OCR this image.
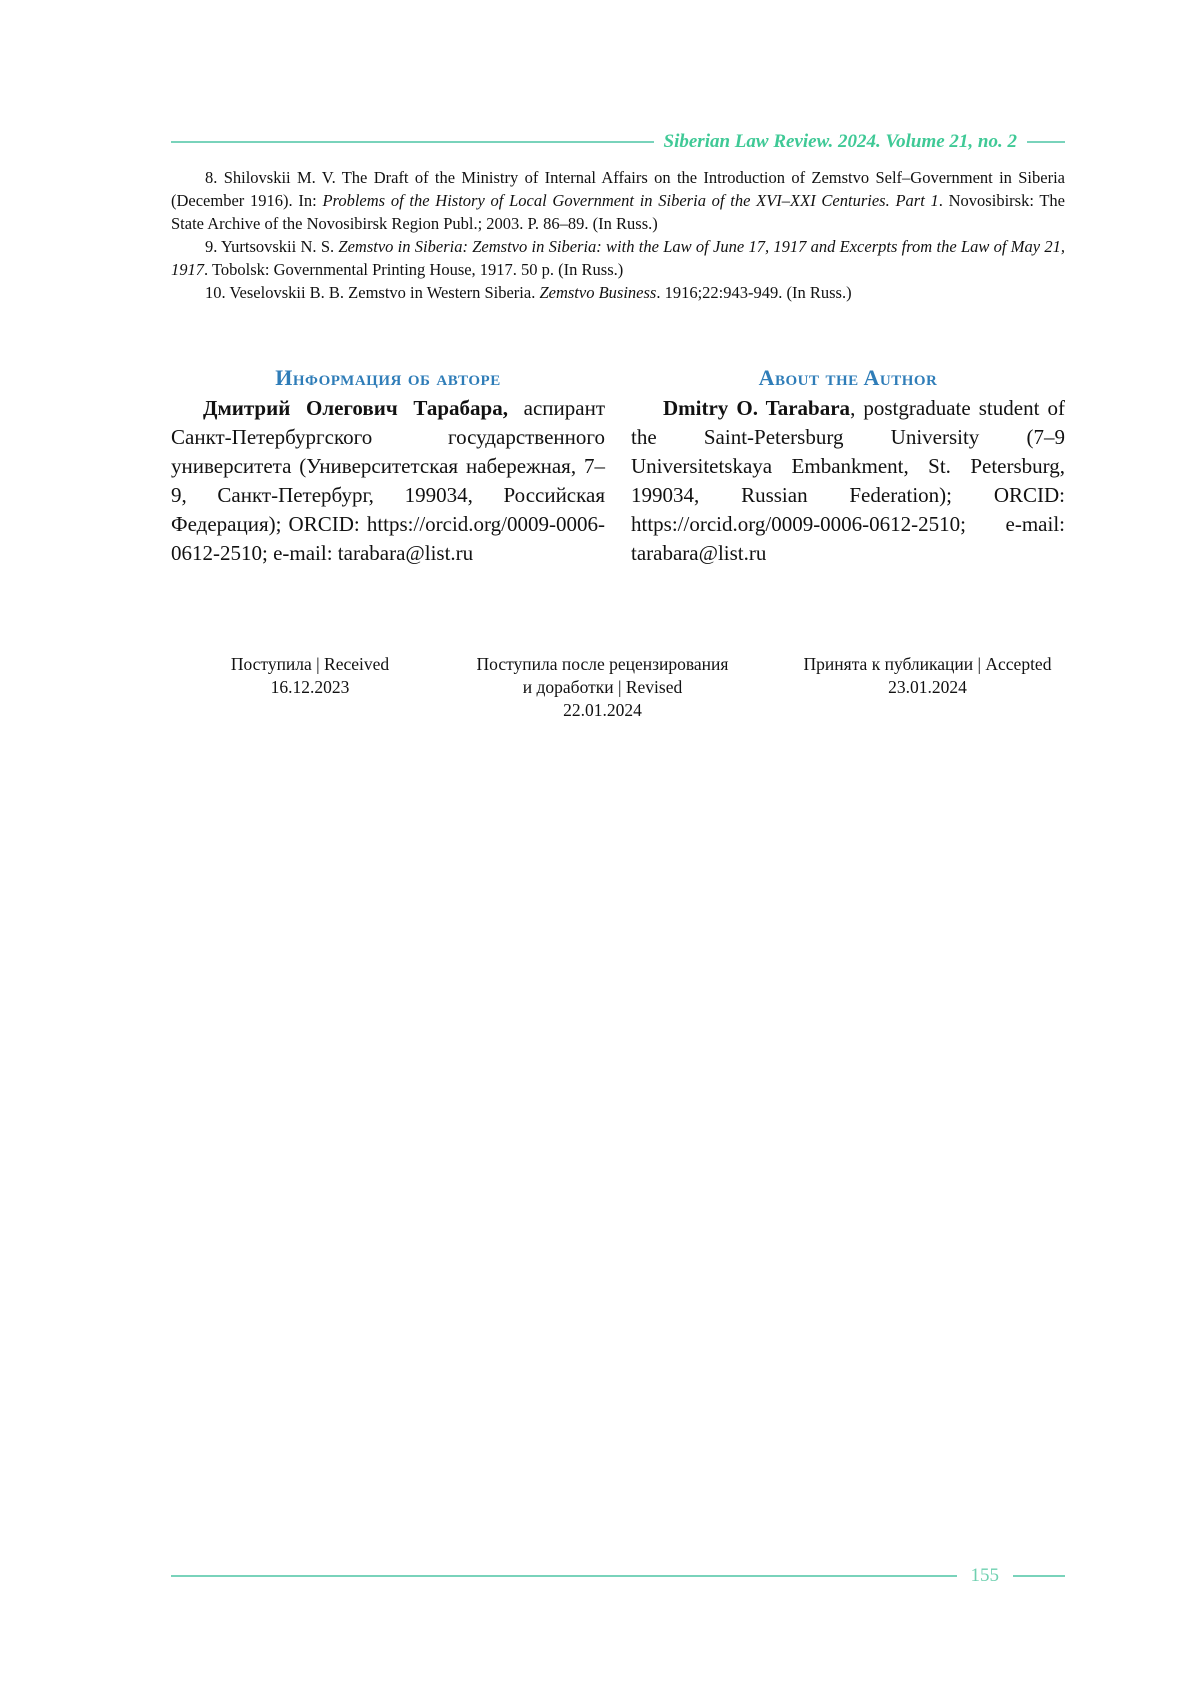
Siberian Law Review. 2024. Volume 21, no. 2

8. Shilovskii M. V. The Draft of the Ministry of Internal Affairs on the Introduction of Zemstvo Self–Government in Siberia (December 1916). In: Problems of the History of Local Government in Siberia of the XVI–XXI Centuries. Part 1. Novosibirsk: The State Archive of the Novosibirsk Region Publ.; 2003. P. 86–89. (In Russ.)

9. Yurtsovskii N. S. Zemstvo in Siberia: Zemstvo in Siberia: with the Law of June 17, 1917 and Excerpts from the Law of May 21, 1917. Tobolsk: Governmental Printing House, 1917. 50 p. (In Russ.)

10. Veselovskii B. B. Zemstvo in Western Siberia. Zemstvo Business. 1916;22:943-949. (In Russ.)

Информация об авторе

Дмитрий Олегович Тарабара, аспирант Санкт-Петербургского государственного университета (Университетская набережная, 7–9, Санкт-Петербург, 199034, Российская Федерация); ORCID: https://orcid.org/0009-0006-0612-2510; e-mail: tarabara@list.ru

About the Author

Dmitry O. Tarabara, postgraduate student of the Saint-Petersburg University (7–9 Universitetskaya Embankment, St. Petersburg, 199034, Russian Federation); ORCID: https://orcid.org/0009-0006-0612-2510; e-mail: tarabara@list.ru

Поступила | Received
16.12.2023
Поступила после рецензирования
и доработки | Revised
22.01.2024
Принята к публикации | Accepted
23.01.2024
155
